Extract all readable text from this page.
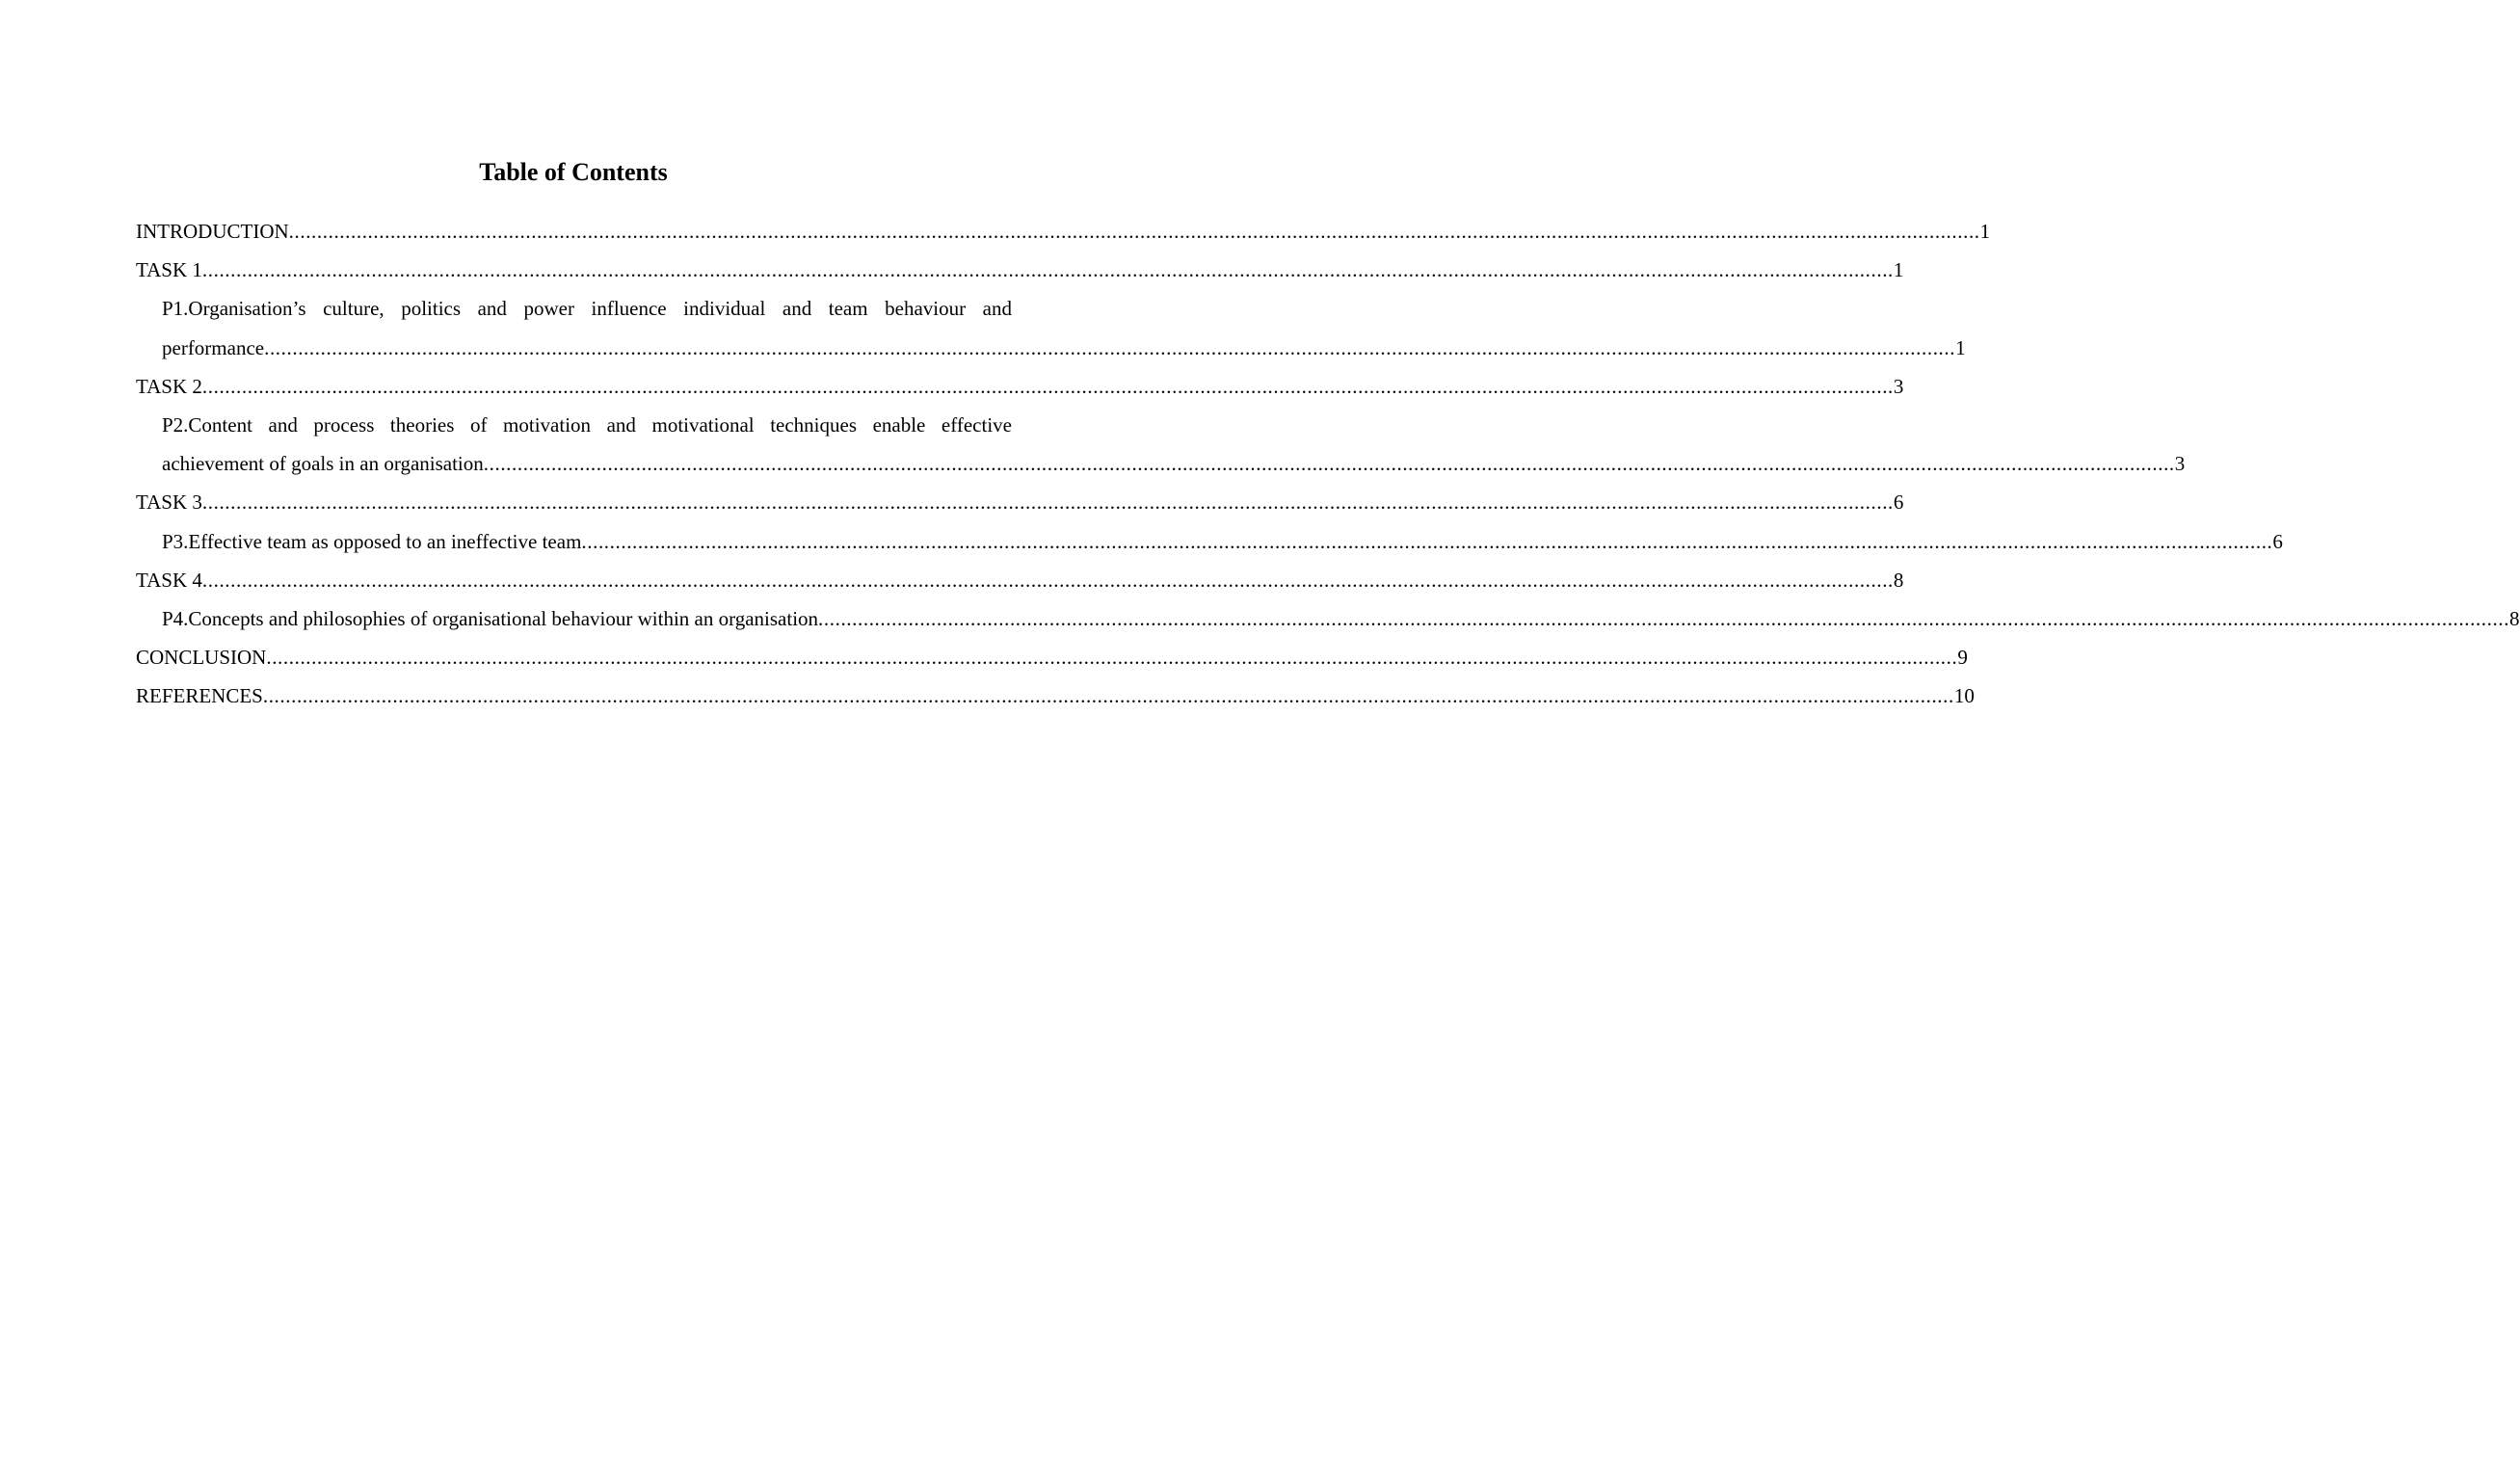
Table of Contents
INTRODUCTION ............................................................................................................................................................................................................................................................................................................ 1
TASK 1 ............................................................................................................................................................................................................................................................................................................ 1
P1.Organisation’s culture, politics and power influence individual and team behaviour and
performance ............................................................................................................................................................................................................................................................................................................ 1
TASK 2 ............................................................................................................................................................................................................................................................................................................ 3
P2.Content and process theories of motivation and motivational techniques enable effective
achievement of goals in an organisation ............................................................................................................................................................................................................................................................................................................ 3
TASK 3 ............................................................................................................................................................................................................................................................................................................ 6
P3.Effective team as opposed to an ineffective team ............................................................................................................................................................................................................................................................................................................ 6
TASK 4 ............................................................................................................................................................................................................................................................................................................ 8
P4.Concepts and philosophies of organisational behaviour within an organisation ............................................................................................................................................................................................................................................................................................................ 8
CONCLUSION ............................................................................................................................................................................................................................................................................................................ 9
REFERENCES ............................................................................................................................................................................................................................................................................................................ 10
